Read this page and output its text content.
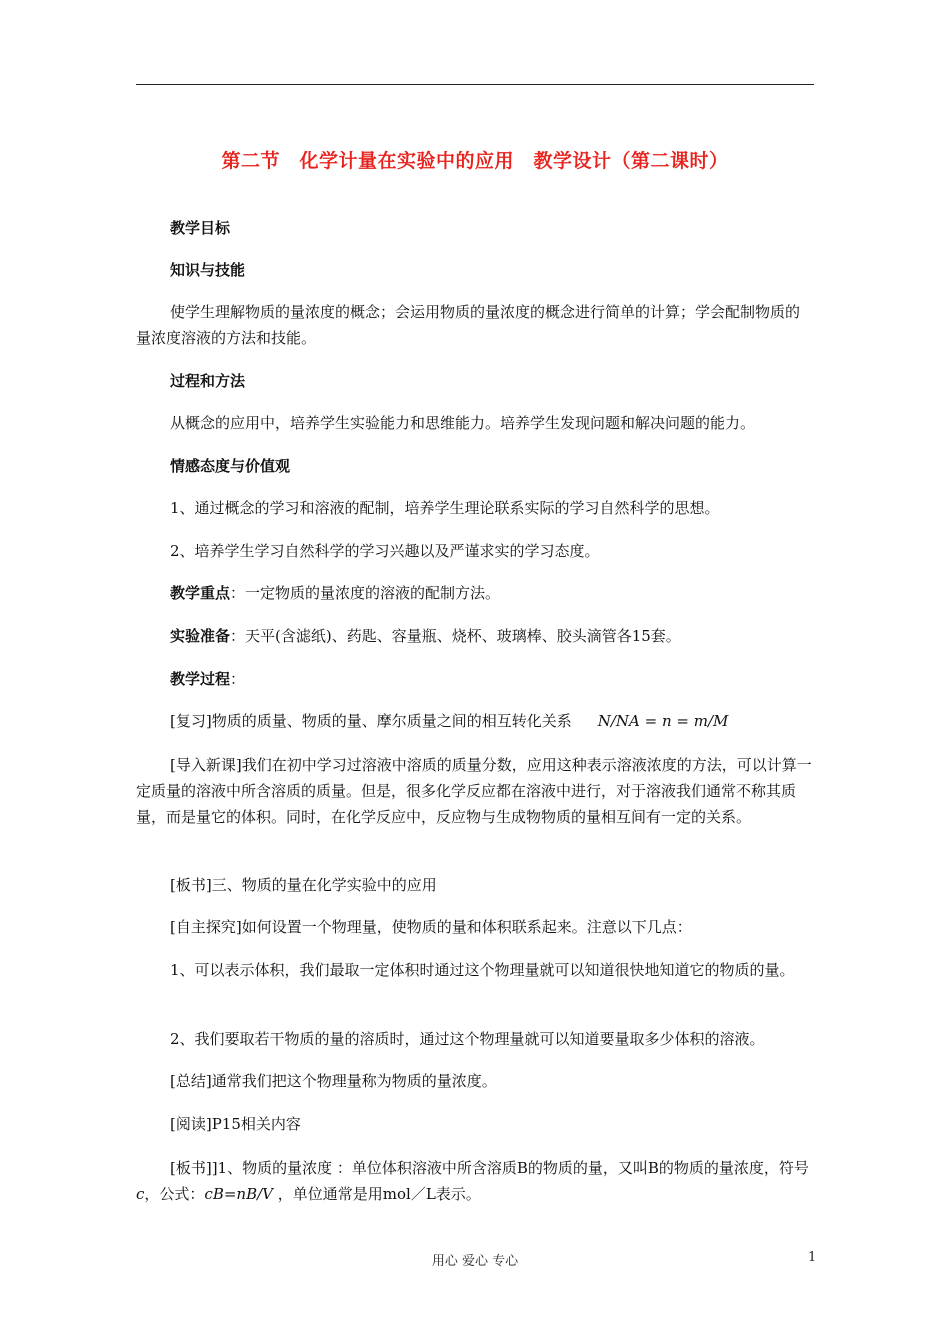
第二节　化学计量在实验中的应用　教学设计（第二课时）
教学目标
知识与技能
使学生理解物质的量浓度的概念；会运用物质的量浓度的概念进行简单的计算；学会配制物质的量浓度溶液的方法和技能。
过程和方法
从概念的应用中，培养学生实验能力和思维能力。培养学生发现问题和解决问题的能力。
情感态度与价值观
1、通过概念的学习和溶液的配制，培养学生理论联系实际的学习自然科学的思想。
2、培养学生学习自然科学的学习兴趣以及严谨求实的学习态度。
教学重点：一定物质的量浓度的溶液的配制方法。
实验准备：天平(含滤纸)、药匙、容量瓶、烧杯、玻璃棒、胶头滴管各15套。
教学过程：
[复习]物质的质量、物质的量、摩尔质量之间的相互转化关系 N/NA = n = m/M
[导入新课]我们在初中学习过溶液中溶质的质量分数，应用这种表示溶液浓度的方法，可以计算一定质量的溶液中所含溶质的质量。但是，很多化学反应都在溶液中进行，对于溶液我们通常不称其质量，而是量它的体积。同时，在化学反应中，反应物与生成物物质的量相互间有一定的关系。
[板书]三、物质的量在化学实验中的应用
[自主探究]如何设置一个物理量，使物质的量和体积联系起来。注意以下几点：
1、可以表示体积，我们最取一定体积时通过这个物理量就可以知道很快地知道它的物质的量。
2、我们要取若干物质的量的溶质时，通过这个物理量就可以知道要量取多少体积的溶液。
[总结]通常我们把这个物理量称为物质的量浓度。
[阅读]P15相关内容
[板书]]1、物质的量浓度 ：单位体积溶液中所含溶质B的物质的量，又叫B的物质的量浓度，符号 c，公式：cB=nB/V ，单位通常是用mol／L表示。
用心 爱心 专心	1
